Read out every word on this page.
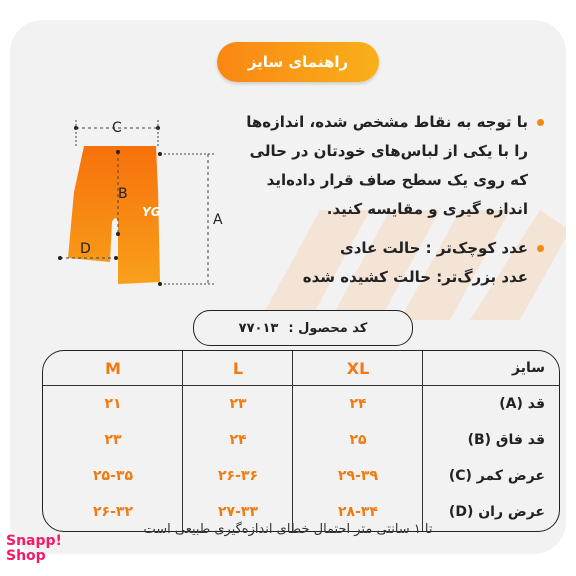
راهنمای سایز
با توجه به نقاط مشخص شده، اندازه‌ها را با یکی از لباس‌های خودتان در حالی که روی یک سطح صاف قرار داده‌اید اندازه گیری و مقایسه کنید.
عدد کوچک‌تر : حالت عادی
عدد بزرگ‌تر: حالت کشیده شده
YG
C
B
A
D
کد محصول :
۷۷۰۱۳
سایز
XL
L
M
قد (A)
۲۴
۲۳
۲۱
قد فاق (B)
۲۵
۲۴
۲۳
عرض کمر (C)
۲۹-۳۹
۲۶-۳۶
۲۵-۳۵
عرض ران (D)
۲۸-۳۴
۲۷-۳۳
۲۶-۳۲
تا ۱ سانتی متر احتمال خطای اندازه‌گیری طبیعی است
Snapp!
Shop
